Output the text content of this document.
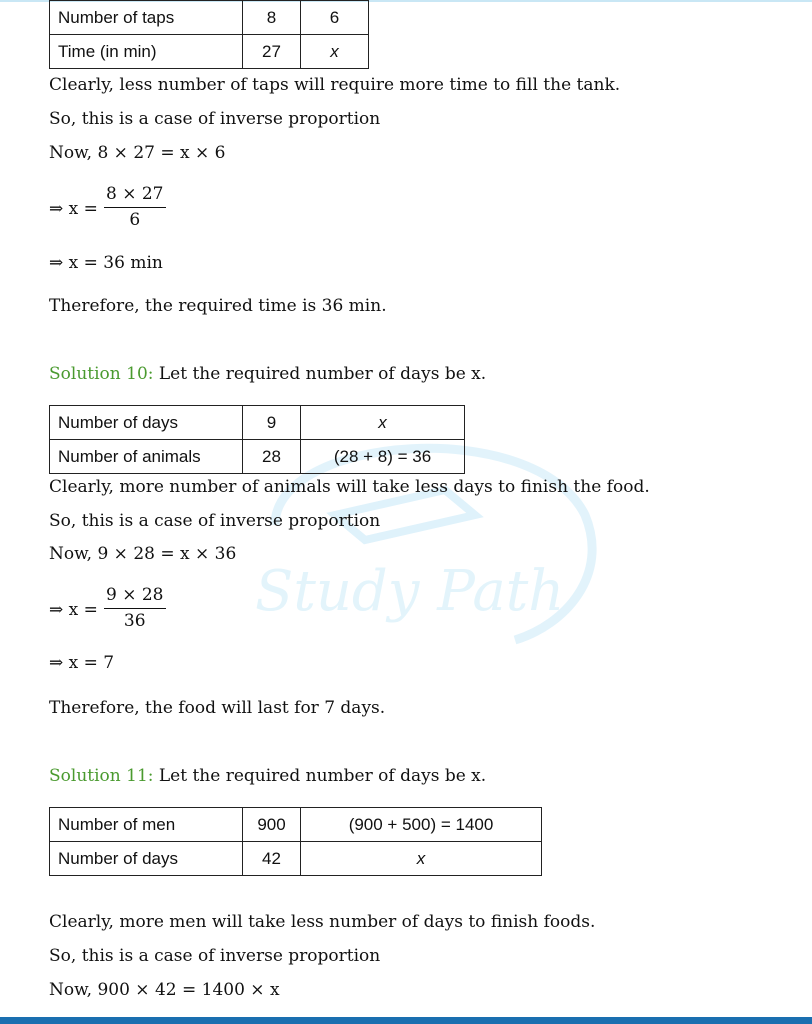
Study Path
Number of taps	8	6
Time (in min)	27	x
Clearly, less number of taps will require more time to fill the tank.
So, this is a case of inverse proportion
Now, 8 × 27 = x × 6
⇒ $x = \frac{8 \times 27}{6}$
⇒ x = 36 min
Therefore, the required time is 36 min.
Solution 10: Let the required number of days be x.
Number of days	9	x
Number of animals	28	(28 + 8) = 36
Clearly, more number of animals will take less days to finish the food.
So, this is a case of inverse proportion
Now, 9 × 28 = x × 36
⇒ $x = \frac{9 \times 28}{36}$
⇒ x = 7
Therefore, the food will last for 7 days.
Solution 11: Let the required number of days be x.
Number of men	900	(900 + 500) = 1400
Number of days	42	x
Clearly, more men will take less number of days to finish foods.
So, this is a case of inverse proportion
Now, 900 × 42 = 1400 × x
